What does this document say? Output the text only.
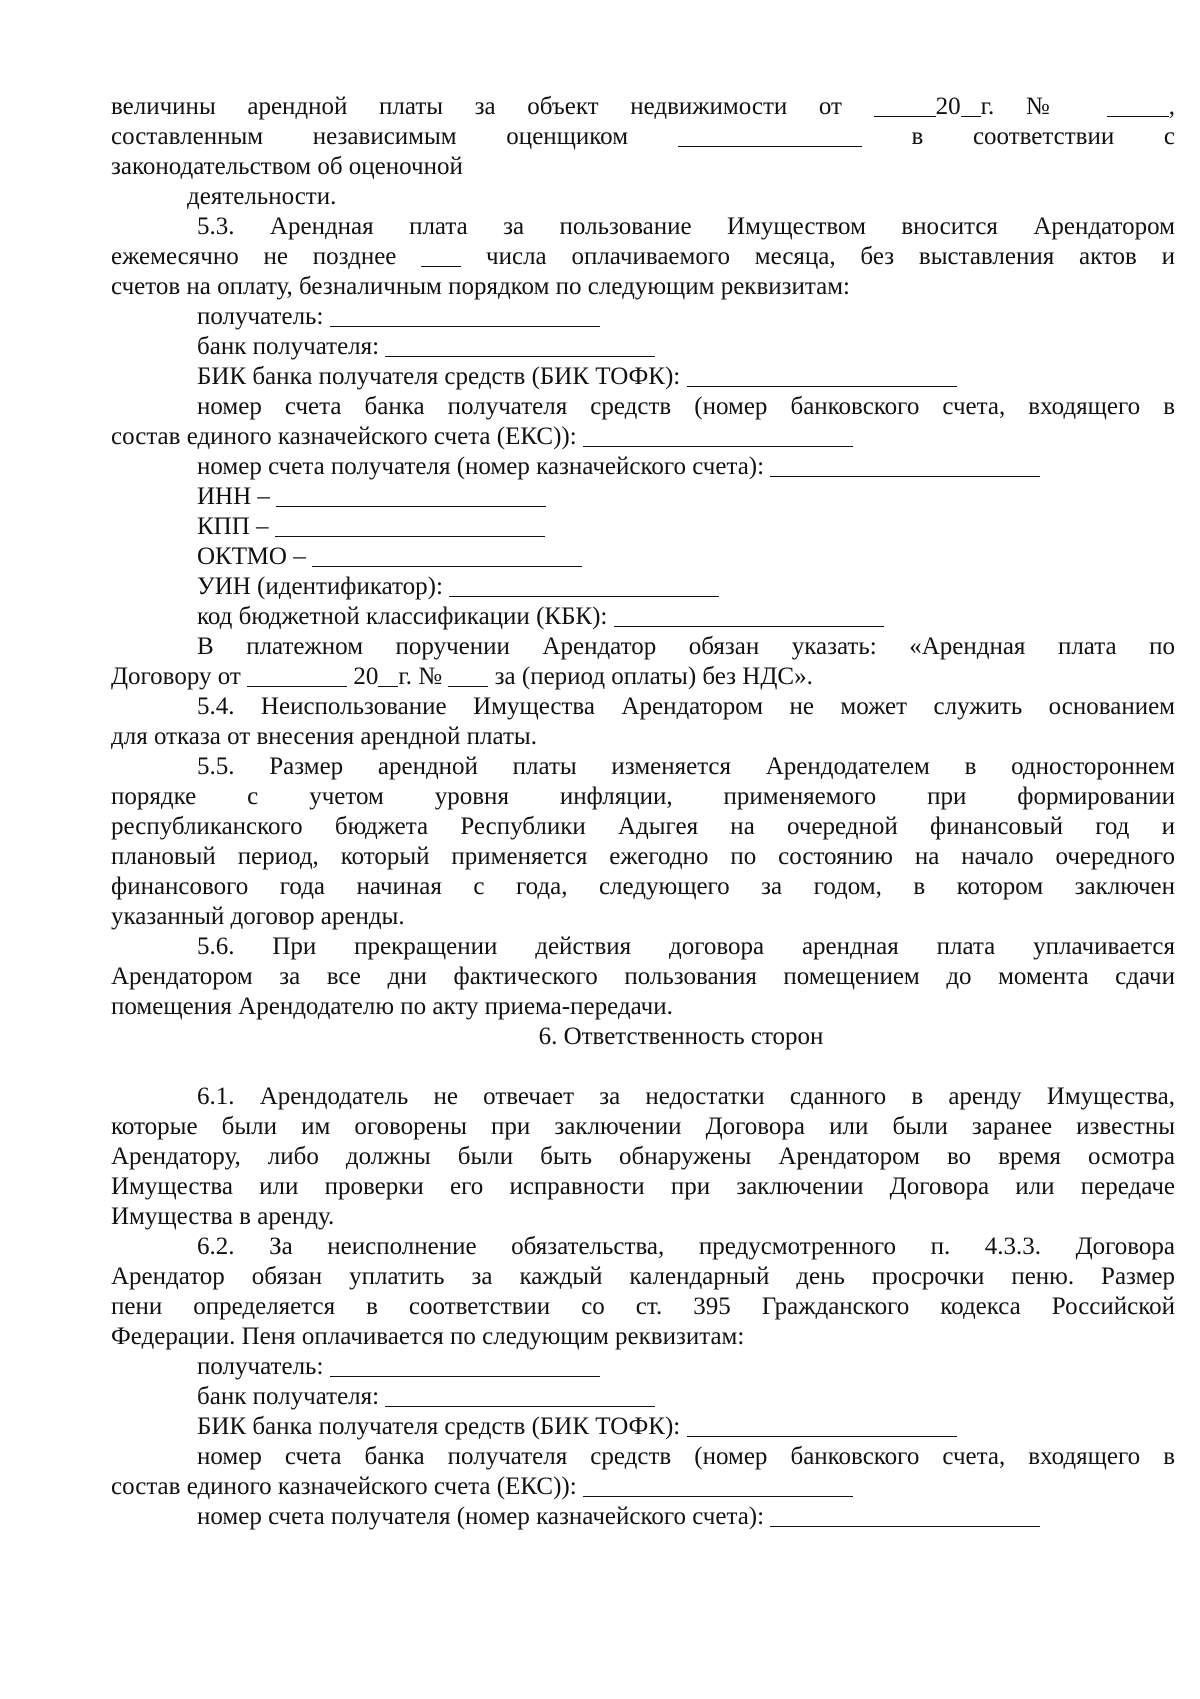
величины арендной платы за объект недвижимости от	20 г. №	,
составленным независимым оценщиком	в соответствии с
законодательством об оценочной
деятельности.
5.3. Арендная плата за пользование Имуществом вносится Арендатором
ежемесячно не позднее	числа оплачиваемого месяца, без выставления актов и
счетов на оплату, безналичным порядком по следующим реквизитам:
получатель:
банк получателя:
БИК банка получателя средств (БИК ТОФК):
номер счета банка получателя средств (номер банковского счета, входящего в
состав единого казначейского счета (ЕКС)):
номер счета получателя (номер казначейского счета):
ИНН –
КПП –
ОКТМО –
УИН (идентификатор):
код бюджетной классификации (КБК):
В платежном поручении Арендатор обязан указать: «Арендная плата по
Договору от	20 г. № за (период оплаты) без НДС».
5.4. Неиспользование Имущества Арендатором не может служить основанием
для отказа от внесения арендной платы.
5.5. Размер арендной платы изменяется Арендодателем в одностороннем
порядке с учетом уровня инфляции, применяемого при формировании
республиканского бюджета Республики Адыгея на очередной финансовый год и
плановый период, который применяется ежегодно по состоянию на начало очередного
финансового года начиная с года, следующего за годом, в котором заключен
указанный договор аренды.
5.6. При прекращении действия договора арендная плата уплачивается
Арендатором за все дни фактического пользования помещением до момента сдачи
помещения Арендодателю по акту приема-передачи.
6. Ответственность сторон
6.1. Арендодатель не отвечает за недостатки сданного в аренду Имущества,
которые были им оговорены при заключении Договора или были заранее известны
Арендатору, либо должны были быть обнаружены Арендатором во время осмотра
Имущества или проверки его исправности при заключении Договора или передаче
Имущества в аренду.
6.2. За неисполнение обязательства, предусмотренного п. 4.3.3. Договора
Арендатор обязан уплатить за каждый календарный день просрочки пеню. Размер
пени определяется в соответствии со ст. 395 Гражданского кодекса Российской
Федерации. Пеня оплачивается по следующим реквизитам:
получатель:
банк получателя:
БИК банка получателя средств (БИК ТОФК):
номер счета банка получателя средств (номер банковского счета, входящего в
состав единого казначейского счета (ЕКС)):
номер счета получателя (номер казначейского счета):
